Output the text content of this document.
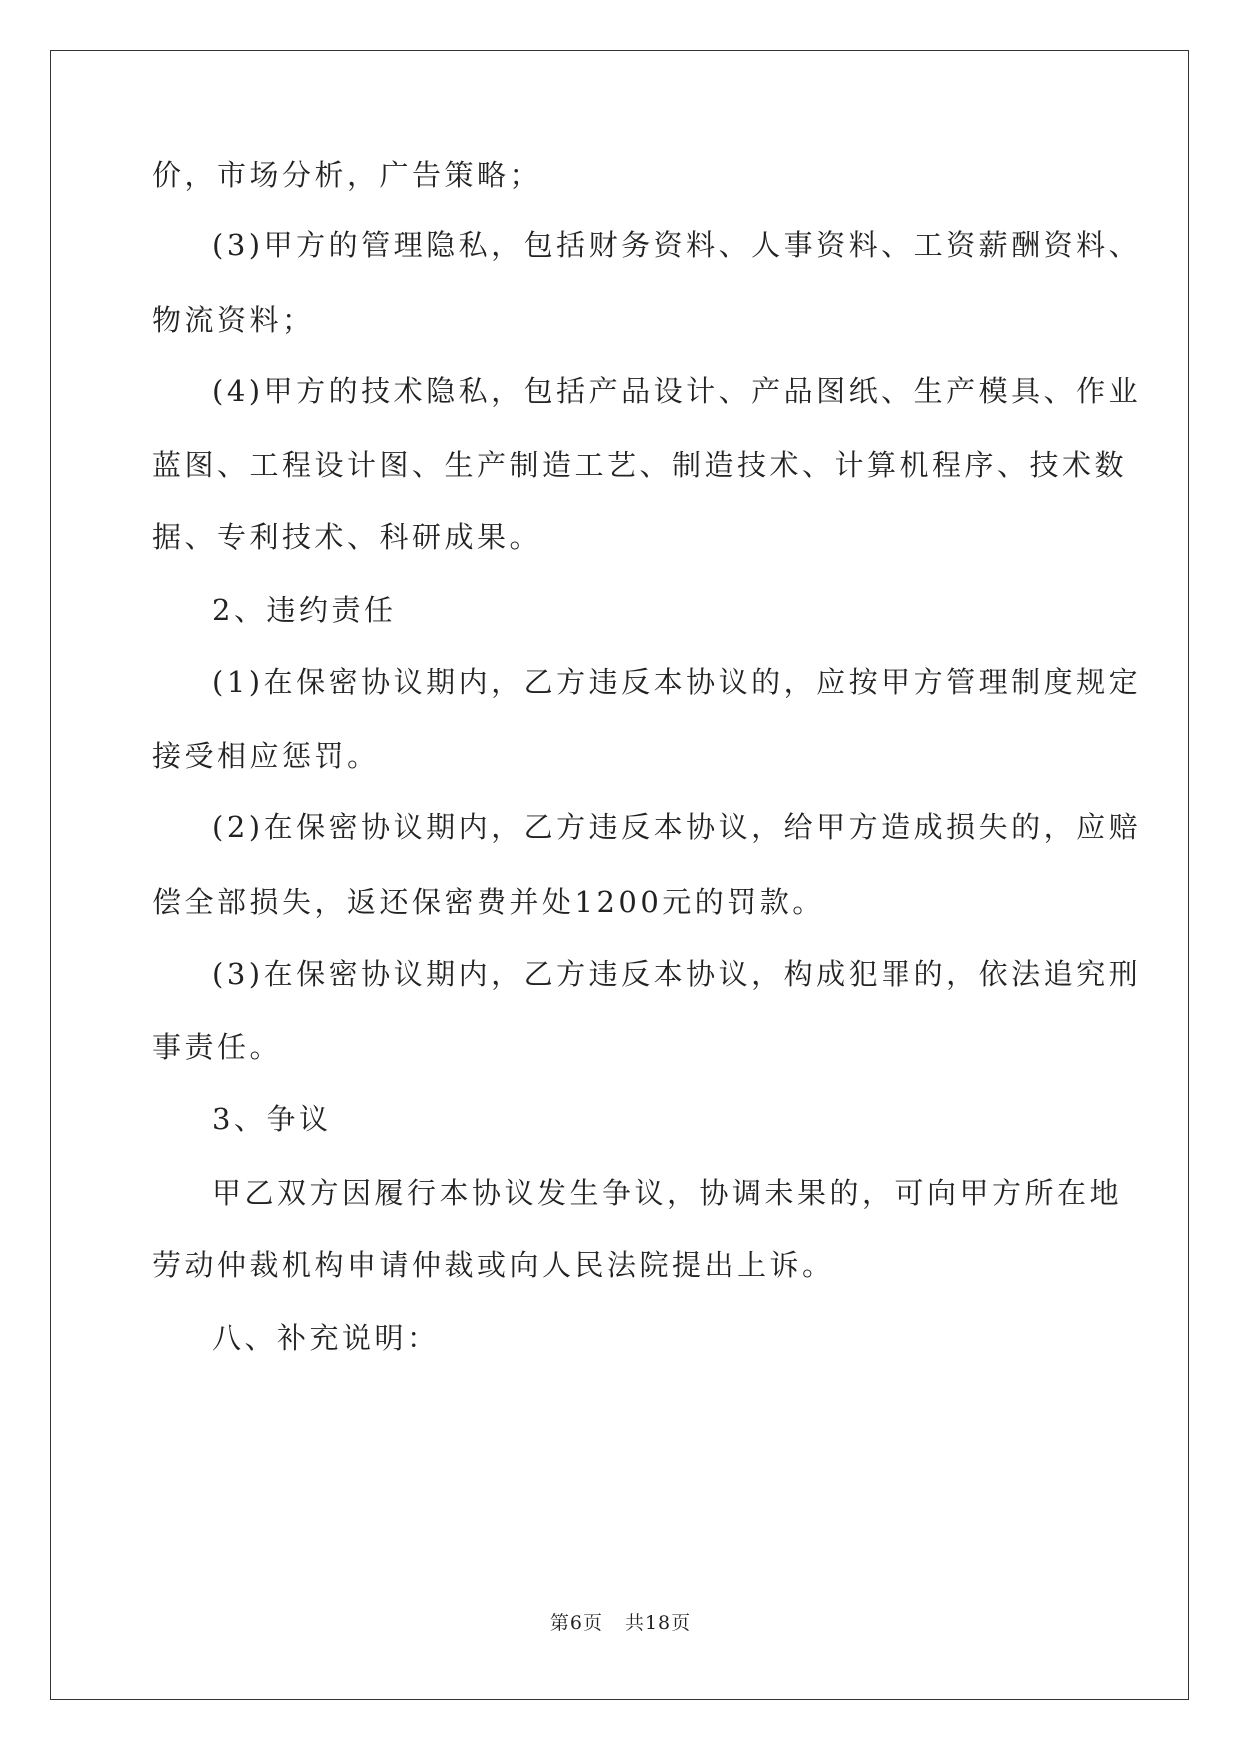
价，市场分析，广告策略；
(3)甲方的管理隐私，包括财务资料、人事资料、工资薪酬资料、
物流资料；
(4)甲方的技术隐私，包括产品设计、产品图纸、生产模具、作业
蓝图、工程设计图、生产制造工艺、制造技术、计算机程序、技术数
据、专利技术、科研成果。
2、违约责任
(1)在保密协议期内，乙方违反本协议的，应按甲方管理制度规定
接受相应惩罚。
(2)在保密协议期内，乙方违反本协议，给甲方造成损失的，应赔
偿全部损失，返还保密费并处1200元的罚款。
(3)在保密协议期内，乙方违反本协议，构成犯罪的，依法追究刑
事责任。
3、争议
甲乙双方因履行本协议发生争议，协调未果的，可向甲方所在地
劳动仲裁机构申请仲裁或向人民法院提出上诉。
八、补充说明：
第6页 共18页
